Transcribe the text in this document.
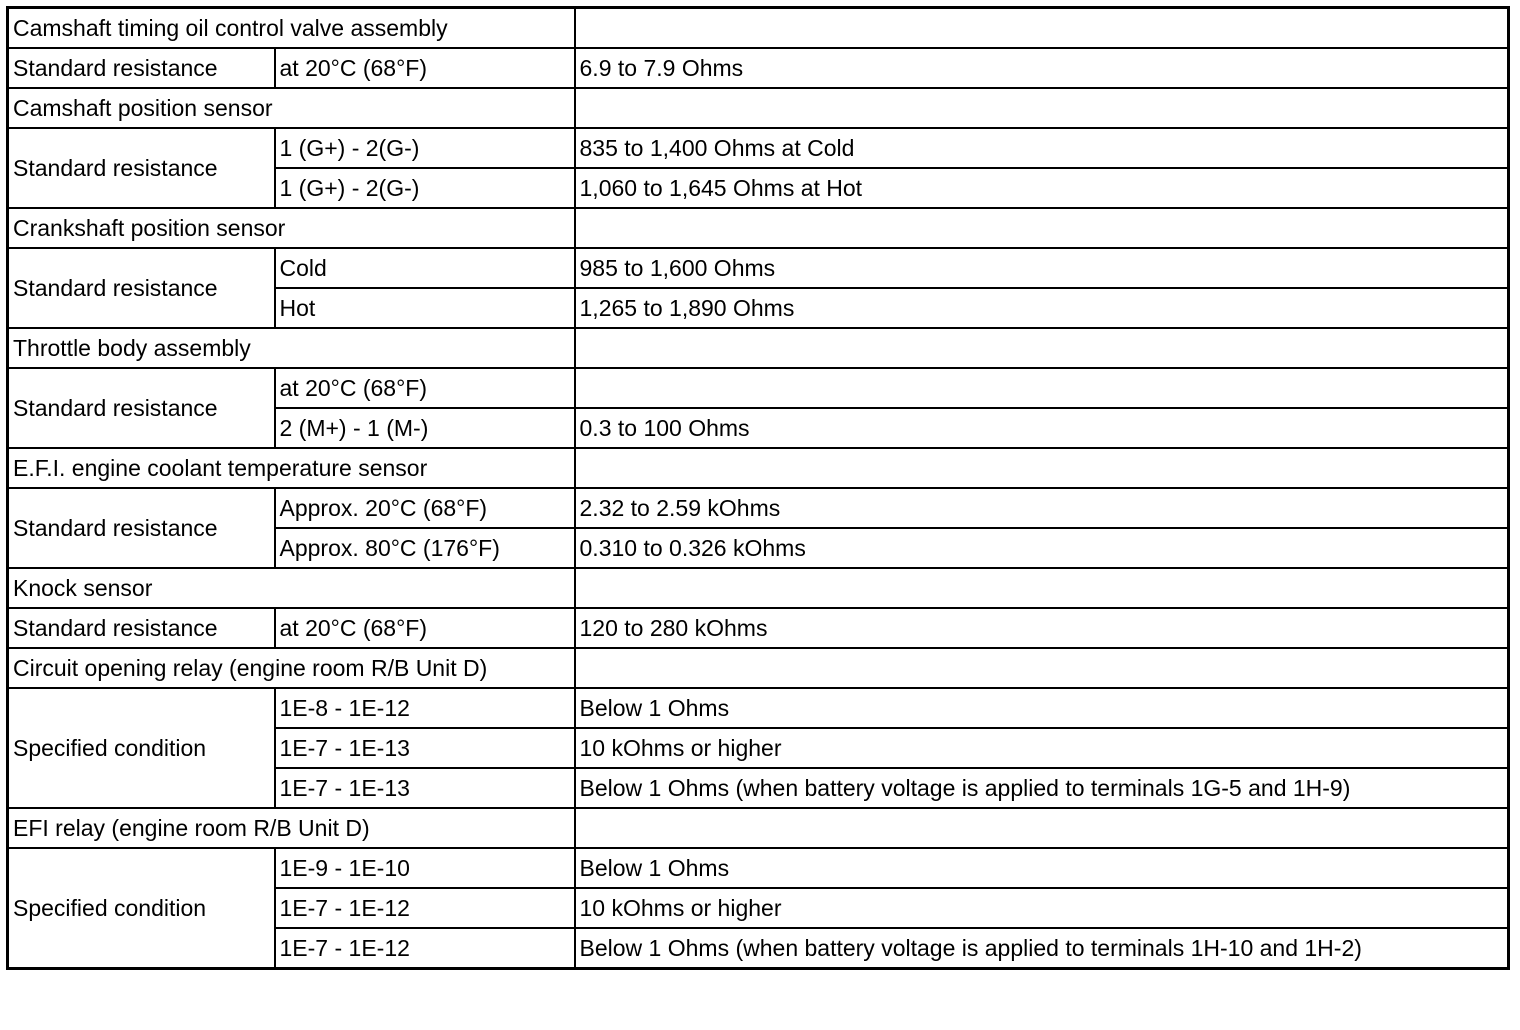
Camshaft timing oil control valve assembly		
Standard resistance	at 20°C (68°F)	6.9 to 7.9 Ohms
Camshaft position sensor		
Standard resistance	1 (G+) - 2(G-)	835 to 1,400 Ohms at Cold
	1 (G+) - 2(G-)	1,060 to 1,645 Ohms at Hot
Crankshaft position sensor		
Standard resistance	Cold	985 to 1,600 Ohms
	Hot	1,265 to 1,890 Ohms
Throttle body assembly		
Standard resistance	at 20°C (68°F)	
	2 (M+) - 1 (M-)	0.3 to 100 Ohms
E.F.I. engine coolant temperature sensor		
Standard resistance	Approx. 20°C (68°F)	2.32 to 2.59 kOhms
	Approx. 80°C (176°F)	0.310 to 0.326 kOhms
Knock sensor		
Standard resistance	at 20°C (68°F)	120 to 280 kOhms
Circuit opening relay (engine room R/B Unit D)		
Specified condition	1E-8 - 1E-12	Below 1 Ohms
	1E-7 - 1E-13	10 kOhms or higher
	1E-7 - 1E-13	Below 1 Ohms (when battery voltage is applied to terminals 1G-5 and 1H-9)
EFI relay (engine room R/B Unit D)		
Specified condition	1E-9 - 1E-10	Below 1 Ohms
	1E-7 - 1E-12	10 kOhms or higher
	1E-7 - 1E-12	Below 1 Ohms (when battery voltage is applied to terminals 1H-10 and 1H-2)
